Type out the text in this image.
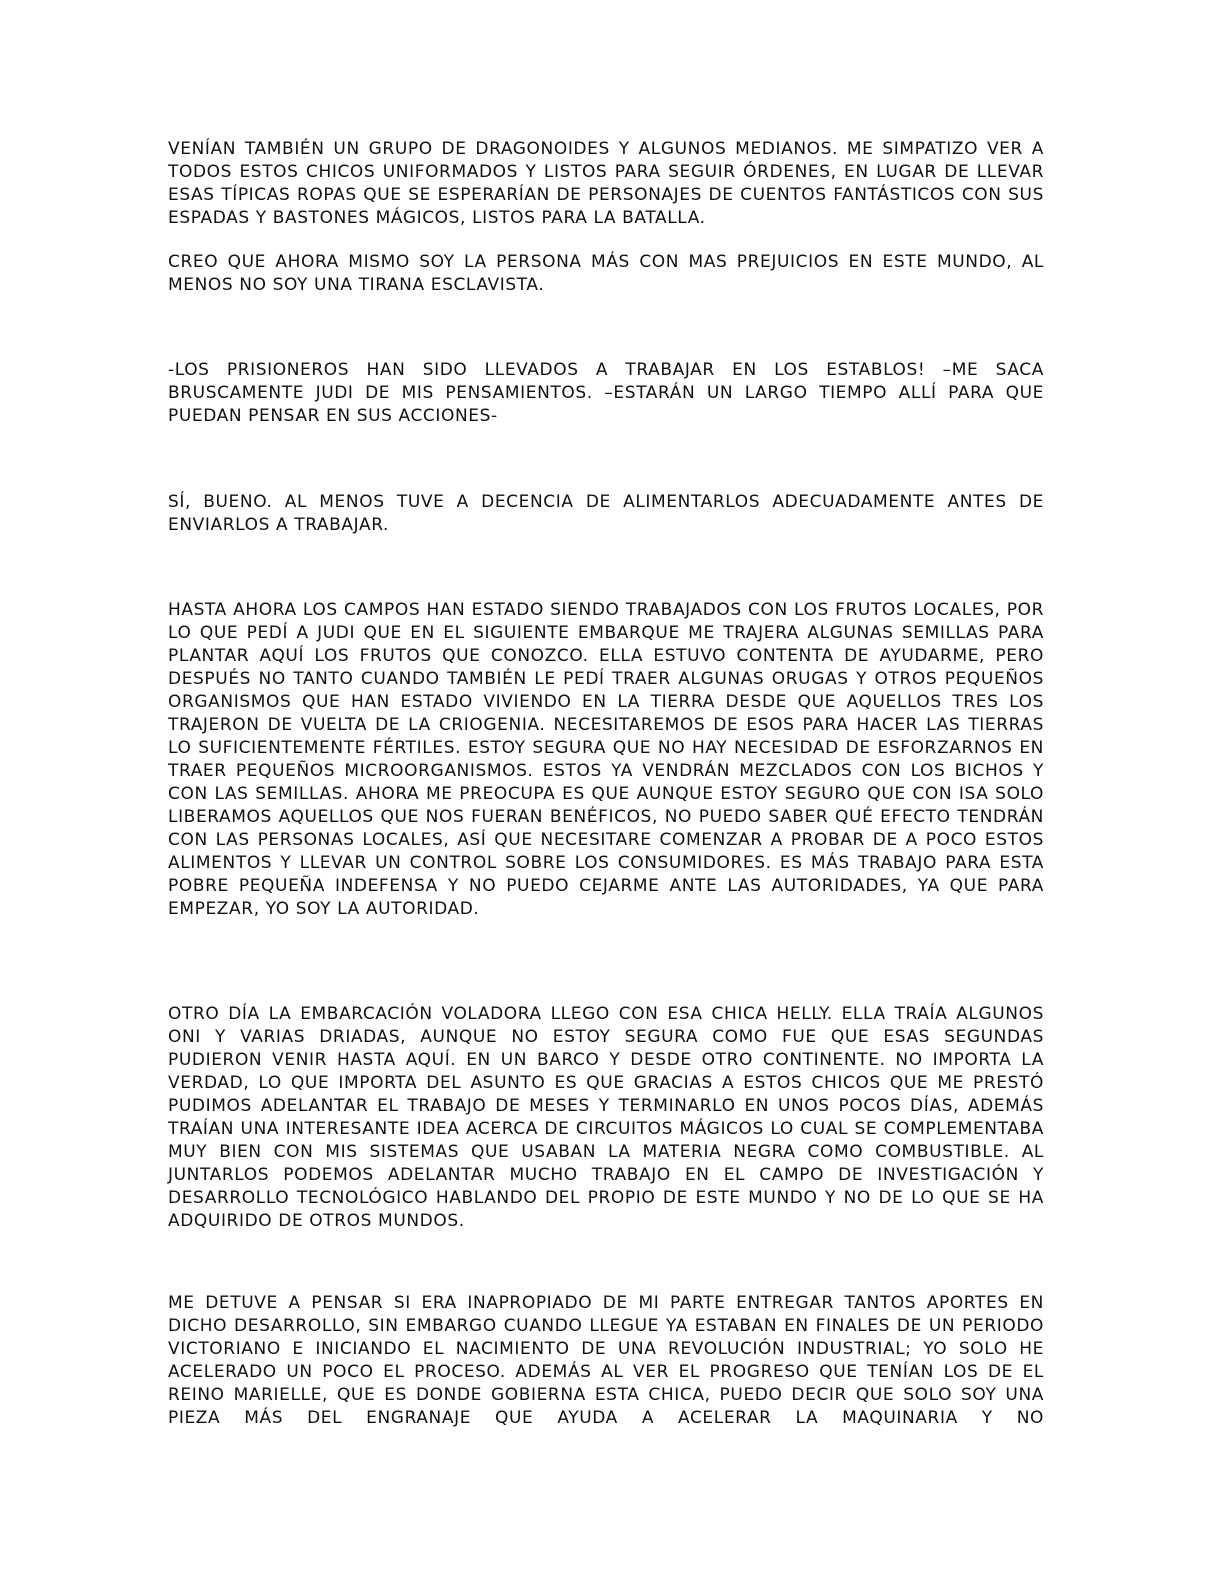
VENÍAN TAMBIÉN UN GRUPO DE DRAGONOIDES Y ALGUNOS MEDIANOS. ME SIMPATIZO VER A TODOS ESTOS CHICOS UNIFORMADOS Y LISTOS PARA SEGUIR ÓRDENES, EN LUGAR DE LLEVAR ESAS TÍPICAS ROPAS QUE SE ESPERARÍAN DE PERSONAJES DE CUENTOS FANTÁSTICOS CON SUS ESPADAS Y BASTONES MÁGICOS, LISTOS PARA LA BATALLA.

CREO QUE AHORA MISMO SOY LA PERSONA MÁS CON MAS PREJUICIOS EN ESTE MUNDO, AL MENOS NO SOY UNA TIRANA ESCLAVISTA.

-LOS PRISIONEROS HAN SIDO LLEVADOS A TRABAJAR EN LOS ESTABLOS! –ME SACA BRUSCAMENTE JUDI DE MIS PENSAMIENTOS. –ESTARÁN UN LARGO TIEMPO ALLÍ PARA QUE PUEDAN PENSAR EN SUS ACCIONES-

SÍ, BUENO. AL MENOS TUVE A DECENCIA DE ALIMENTARLOS ADECUADAMENTE ANTES DE ENVIARLOS A TRABAJAR.

HASTA AHORA LOS CAMPOS HAN ESTADO SIENDO TRABAJADOS CON LOS FRUTOS LOCALES, POR LO QUE PEDÍ A JUDI QUE EN EL SIGUIENTE EMBARQUE ME TRAJERA ALGUNAS SEMILLAS PARA PLANTAR AQUÍ LOS FRUTOS QUE CONOZCO. ELLA ESTUVO CONTENTA DE AYUDARME, PERO DESPUÉS NO TANTO CUANDO TAMBIÉN LE PEDÍ TRAER ALGUNAS ORUGAS Y OTROS PEQUEÑOS ORGANISMOS QUE HAN ESTADO VIVIENDO EN LA TIERRA DESDE QUE AQUELLOS TRES LOS TRAJERON DE VUELTA DE LA CRIOGENIA. NECESITAREMOS DE ESOS PARA HACER LAS TIERRAS LO SUFICIENTEMENTE FÉRTILES. ESTOY SEGURA QUE NO HAY NECESIDAD DE ESFORZARNOS EN TRAER PEQUEÑOS MICROORGANISMOS. ESTOS YA VENDRÁN MEZCLADOS CON LOS BICHOS Y CON LAS SEMILLAS. AHORA ME PREOCUPA ES QUE AUNQUE ESTOY SEGURO QUE CON ISA SOLO LIBERAMOS AQUELLOS QUE NOS FUERAN BENÉFICOS, NO PUEDO SABER QUÉ EFECTO TENDRÁN CON LAS PERSONAS LOCALES, ASÍ QUE NECESITARE COMENZAR A PROBAR DE A POCO ESTOS ALIMENTOS Y LLEVAR UN CONTROL SOBRE LOS CONSUMIDORES. ES MÁS TRABAJO PARA ESTA POBRE PEQUEÑA INDEFENSA Y NO PUEDO CEJARME ANTE LAS AUTORIDADES, YA QUE PARA EMPEZAR, YO SOY LA AUTORIDAD.

OTRO DÍA LA EMBARCACIÓN VOLADORA LLEGO CON ESA CHICA HELLY. ELLA TRAÍA ALGUNOS ONI Y VARIAS DRIADAS, AUNQUE NO ESTOY SEGURA COMO FUE QUE ESAS SEGUNDAS PUDIERON VENIR HASTA AQUÍ. EN UN BARCO Y DESDE OTRO CONTINENTE. NO IMPORTA LA VERDAD, LO QUE IMPORTA DEL ASUNTO ES QUE GRACIAS A ESTOS CHICOS QUE ME PRESTÓ PUDIMOS ADELANTAR EL TRABAJO DE MESES Y TERMINARLO EN UNOS POCOS DÍAS, ADEMÁS TRAÍAN UNA INTERESANTE IDEA ACERCA DE CIRCUITOS MÁGICOS LO CUAL SE COMPLEMENTABA MUY BIEN CON MIS SISTEMAS QUE USABAN LA MATERIA NEGRA COMO COMBUSTIBLE. AL JUNTARLOS PODEMOS ADELANTAR MUCHO TRABAJO EN EL CAMPO DE INVESTIGACIÓN Y DESARROLLO TECNOLÓGICO HABLANDO DEL PROPIO DE ESTE MUNDO Y NO DE LO QUE SE HA ADQUIRIDO DE OTROS MUNDOS.

ME DETUVE A PENSAR SI ERA INAPROPIADO DE MI PARTE ENTREGAR TANTOS APORTES EN DICHO DESARROLLO, SIN EMBARGO CUANDO LLEGUE YA ESTABAN EN FINALES DE UN PERIODO VICTORIANO E INICIANDO EL NACIMIENTO DE UNA REVOLUCIÓN INDUSTRIAL; YO SOLO HE ACELERADO UN POCO EL PROCESO. ADEMÁS AL VER EL PROGRESO QUE TENÍAN LOS DE EL REINO MARIELLE, QUE ES DONDE GOBIERNA ESTA CHICA, PUEDO DECIR QUE SOLO SOY UNA PIEZA MÁS DEL ENGRANAJE QUE AYUDA A ACELERAR LA MAQUINARIA Y NO
